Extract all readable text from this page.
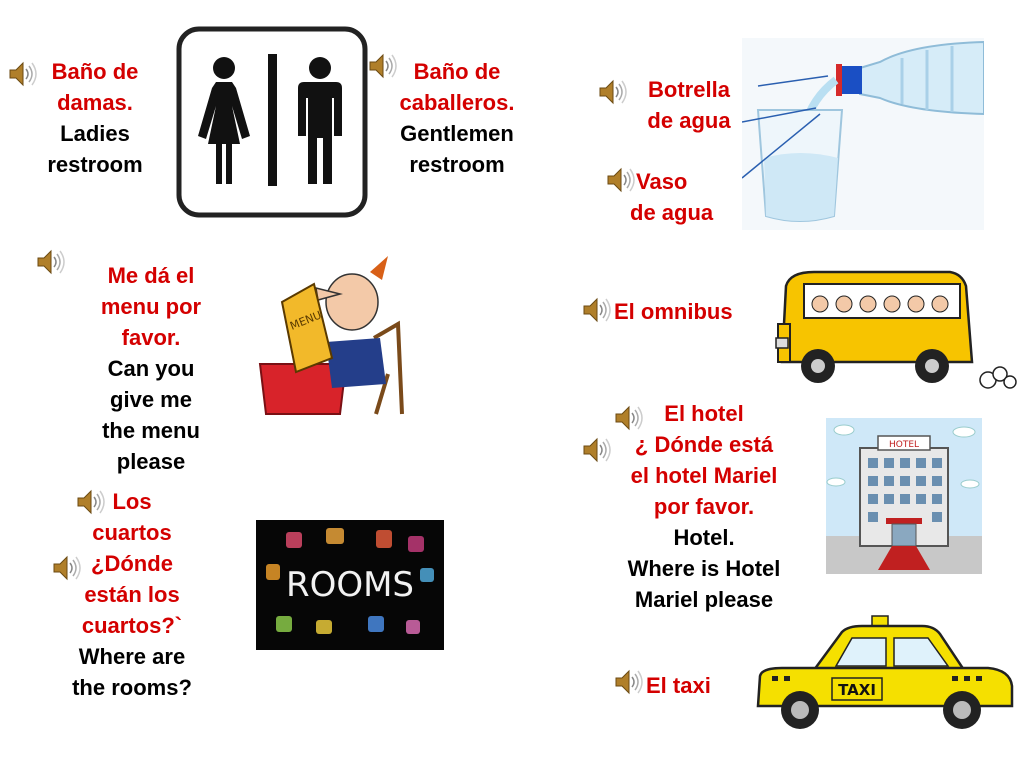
Baño de
damas.
Ladies
restroom
Baño de
caballeros.
Gentlemen
restroom
Botrella
de agua
Vaso
de agua
Me dá el
menu por
favor.
Can you
give me
the menu
please
MENU	El omnibus
El hotel
¿ Dónde está
el hotel Mariel
por favor.
Hotel.
Where is Hotel
Mariel please
HOTEL
Los
cuartos
¿Dónde
están los
cuartos?`
Where are
the rooms?
ROOMS
El taxi	TAXI
